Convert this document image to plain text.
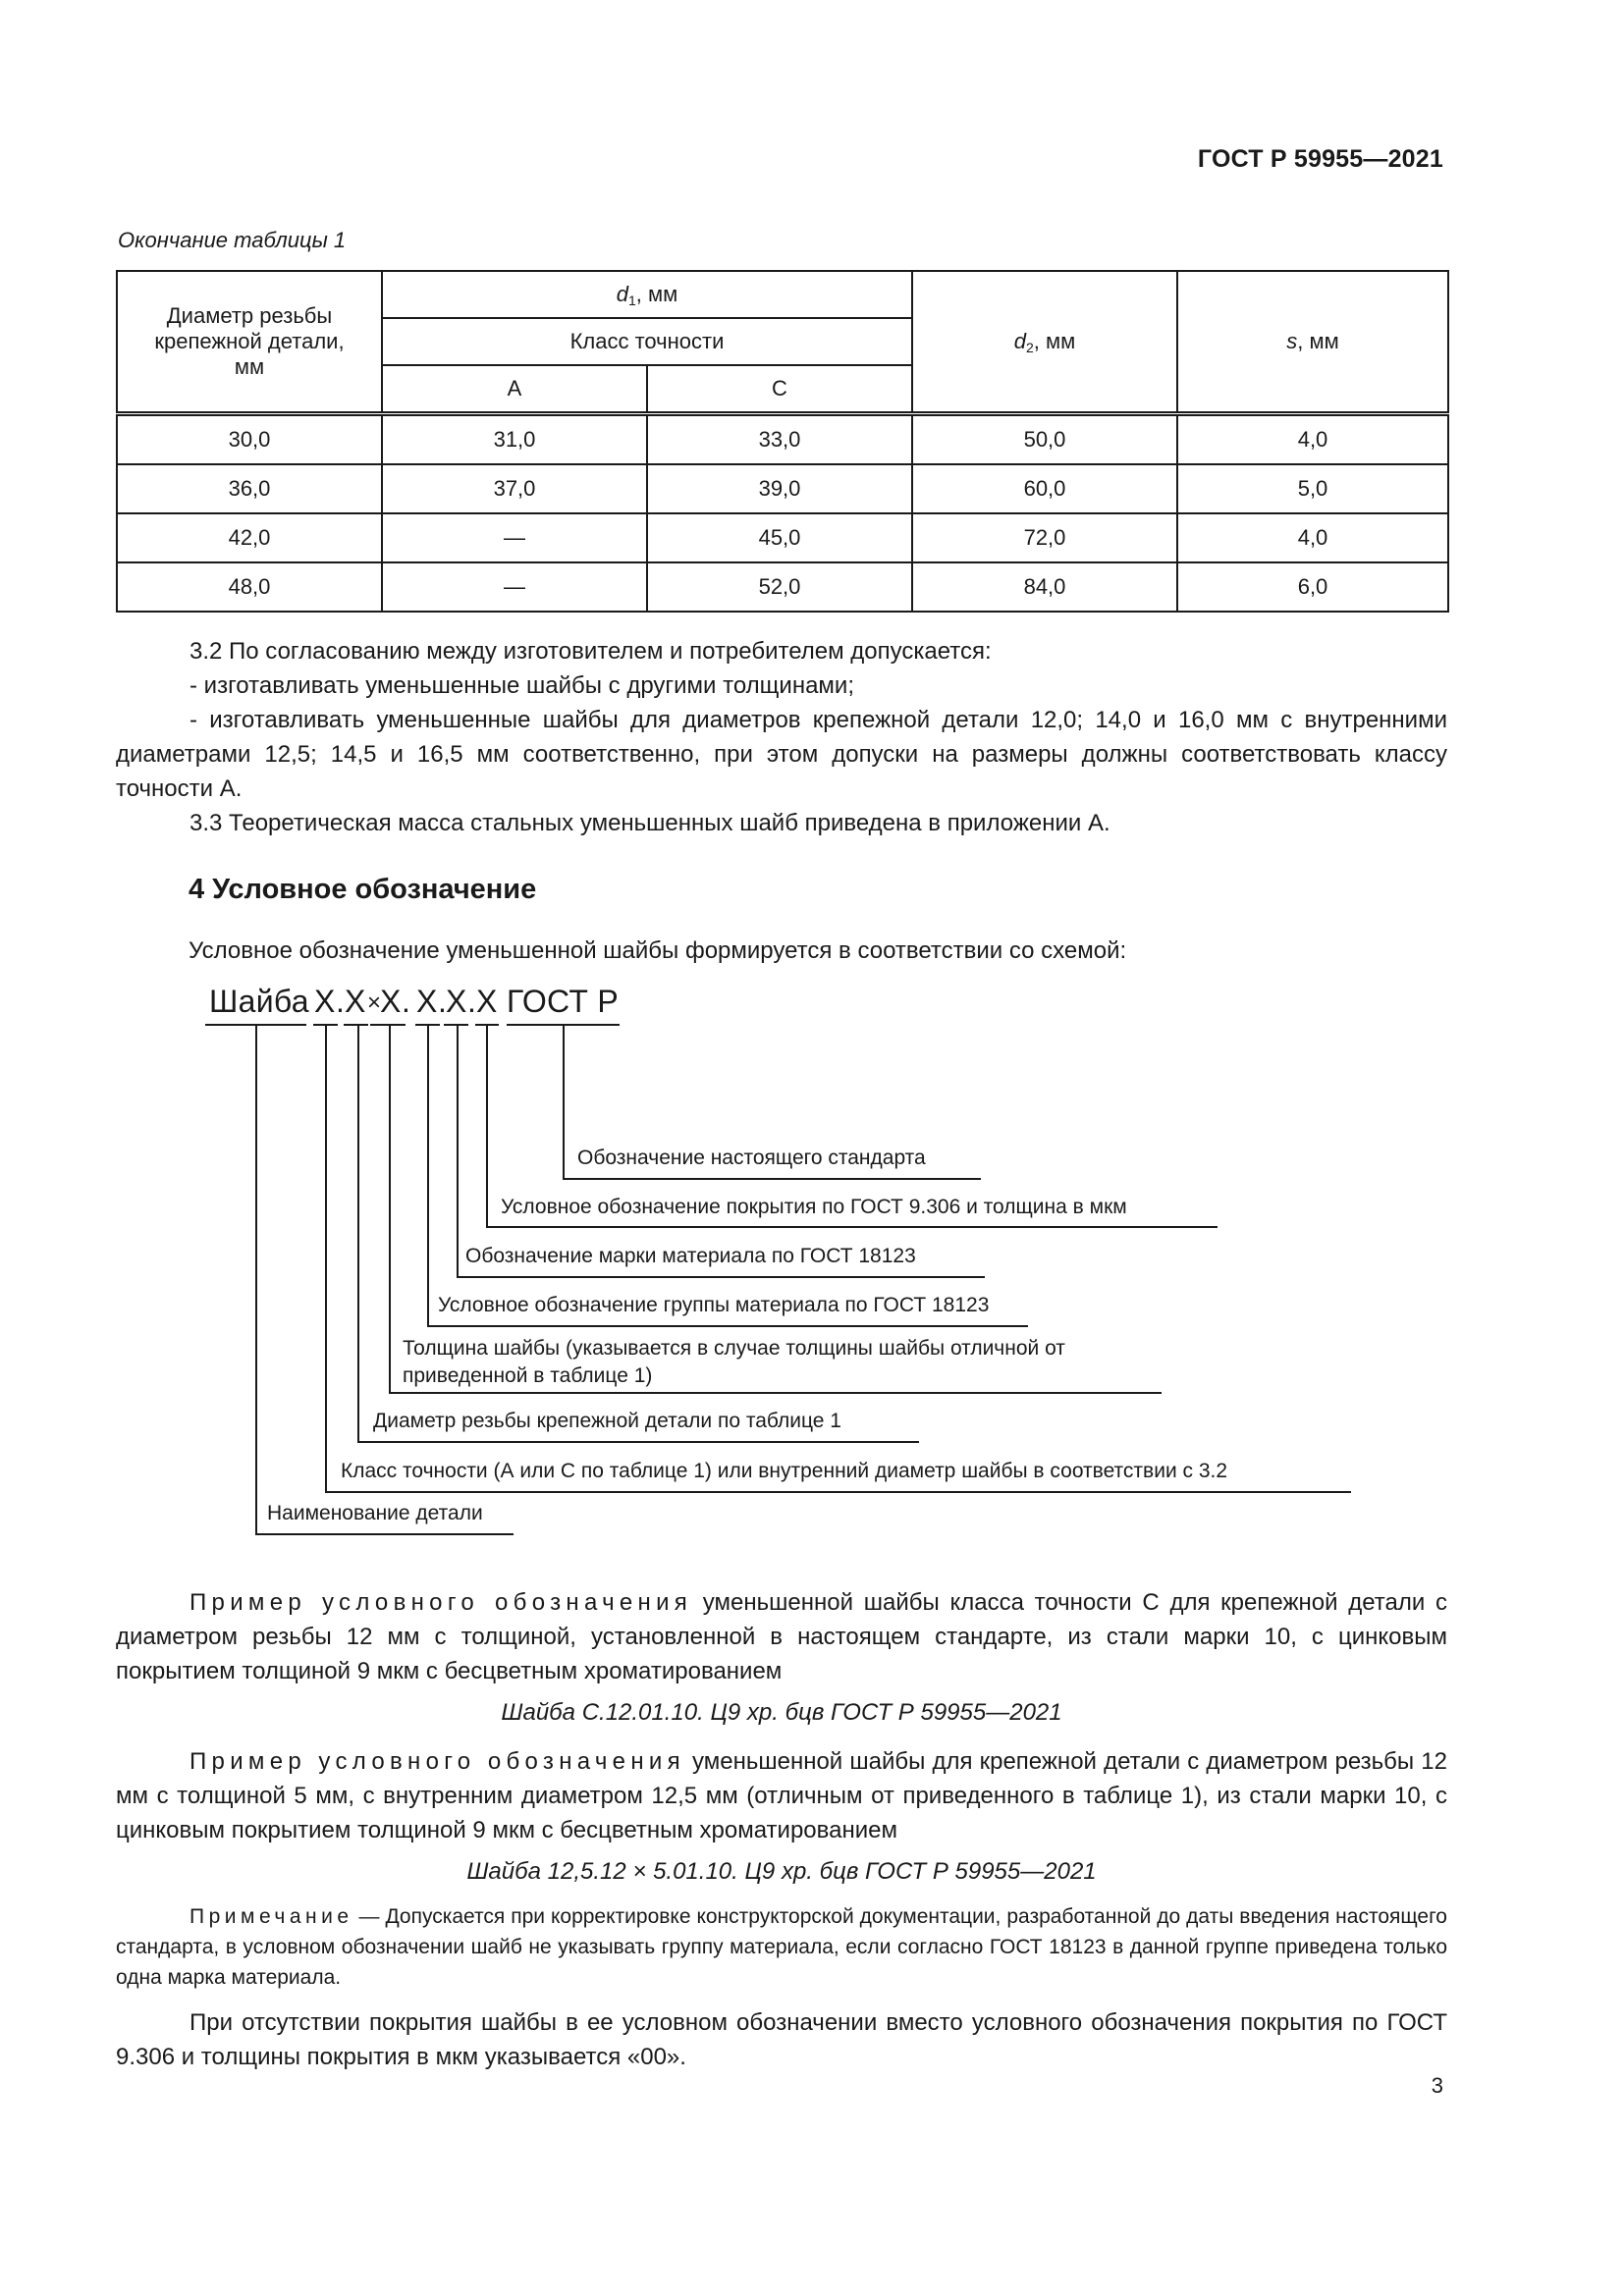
ГОСТ Р 59955—2021
Окончание таблицы 1
Диаметр резьбы крепежной детали, мм	$d_1$, мм		$d_2$, мм	s, мм
	Класс точности			
	А	С		
30,0	31,0	33,0	50,0	4,0
36,0	37,0	39,0	60,0	5,0
42,0	—	45,0	72,0	4,0
48,0	—	52,0	84,0	6,0
3.2 По согласованию между изготовителем и потребителем допускается:
- изготавливать уменьшенные шайбы с другими толщинами;
- изготавливать уменьшенные шайбы для диаметров крепежной детали 12,0; 14,0 и 16,0 мм с внутренними диаметрами 12,5; 14,5 и 16,5 мм соответственно, при этом допуски на размеры должны соответствовать классу точности А.
3.3 Теоретическая масса стальных уменьшенных шайб приведена в приложении А.
4 Условное обозначение
Условное обозначение уменьшенной шайбы формируется в соответствии со схемой:
Шайба X . X ×
X . X .
X . X ГОСТ Р
Обозначение настоящего стандарта
Условное обозначение покрытия по ГОСТ 9.306 и толщина в мкм
Обозначение марки материала по ГОСТ 18123
Условное обозначение группы материала по ГОСТ 18123
Толщина шайбы (указывается в случае толщины шайбы отличной от
приведенной в таблице 1)
Диаметр резьбы крепежной детали по таблице 1
Класс точности (А или С по таблице 1) или внутренний диаметр шайбы в соответствии с 3.2
Наименование детали
Пример условного обозначения уменьшенной шайбы класса точности С для крепежной детали с диаметром резьбы 12 мм с толщиной, установленной в настоящем стандарте, из стали марки 10, с цинковым покрытием толщиной 9 мкм с бесцветным хроматированием
Шайба С.12.01.10. Ц9 хр. бцв ГОСТ Р 59955—2021
Пример условного обозначения уменьшенной шайбы для крепежной детали с диаметром резьбы 12 мм с толщиной 5 мм, с внутренним диаметром 12,5 мм (отличным от приведенного в таблице 1), из стали марки 10, с цинковым покрытием толщиной 9 мкм с бесцветным хроматированием
Шайба 12,5.12 × 5.01.10. Ц9 хр. бцв ГОСТ Р 59955—2021
Примечание — Допускается при корректировке конструкторской документации, разработанной до даты введения настоящего стандарта, в условном обозначении шайб не указывать группу материала, если согласно ГОСТ 18123 в данной группе приведена только одна марка материала.
При отсутствии покрытия шайбы в ее условном обозначении вместо условного обозначения покрытия по ГОСТ 9.306 и толщины покрытия в мкм указывается «00».
3
